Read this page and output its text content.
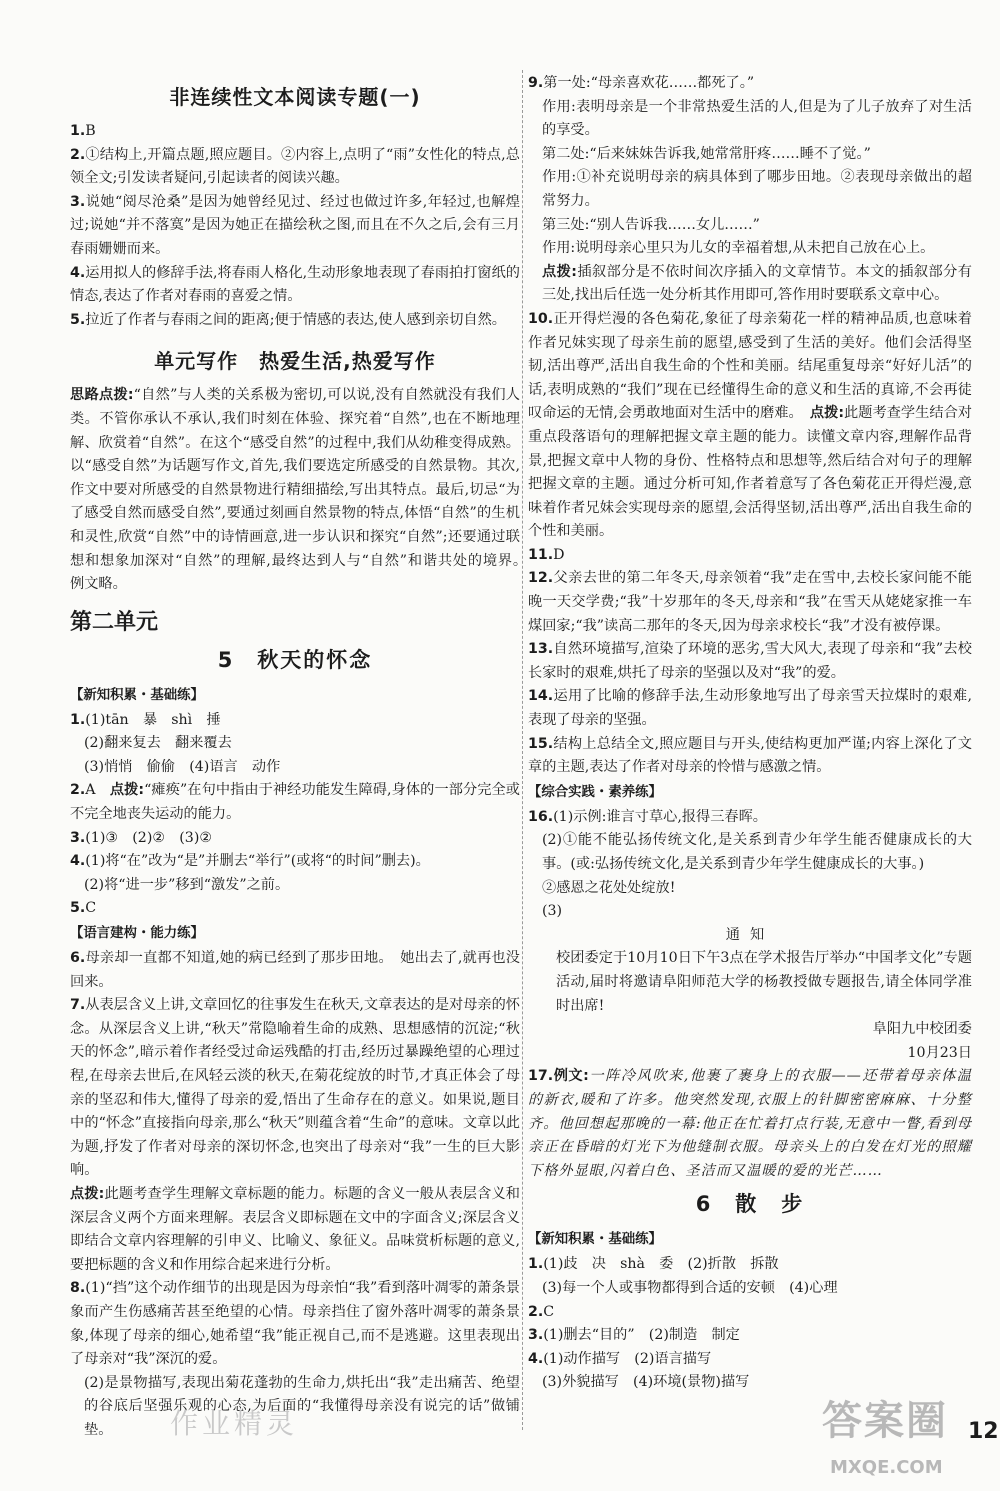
非连续性文本阅读专题(一)

1.B

2.①结构上,开篇点题,照应题目。②内容上,点明了“雨”女性化的特点,总领全文;引发读者疑问,引起读者的阅读兴趣。

3.说她“阅尽沧桑”是因为她曾经见过、经过也做过许多,年轻过,也解煌过;说她“并不落寞”是因为她正在描绘秋之图,而且在不久之后,会有三月春雨姗姗而来。

4.运用拟人的修辞手法,将春雨人格化,生动形象地表现了春雨拍打窗纸的情态,表达了作者对春雨的喜爱之情。

5.拉近了作者与春雨之间的距离;便于情感的表达,使人感到亲切自然。

单元写作　热爱生活,热爱写作

思路点拨:“自然”与人类的关系极为密切,可以说,没有自然就没有我们人类。不管你承认不承认,我们时刻在体验、探究着“自然”,也在不断地理解、欣赏着“自然”。在这个“感受自然”的过程中,我们从幼稚变得成熟。以“感受自然”为话题写作文,首先,我们要选定所感受的自然景物。其次,作文中要对所感受的自然景物进行精细描绘,写出其特点。最后,切忌“为了感受自然而感受自然”,要通过刻画自然景物的特点,体悟“自然”的生机和灵性,欣赏“自然”中的诗情画意,进一步认识和探究“自然”;还要通过联想和想象加深对“自然”的理解,最终达到人与“自然”和谐共处的境界。　例文略。

第二单元
5　秋天的怀念
【新知积累・基础练】

1.(1)tān　暴　shì　捶

(2)翻来复去　翻来覆去

(3)悄悄　偷偷　(4)语言　动作

2.A　 点拨:“瘫痪”在句中指由于神经功能发生障碍,身体的一部分完全或不完全地丧失运动的能力。

3.(1)③　(2)②　(3)②

4.(1)将“在”改为“是”并删去“举行”(或将“的时间”删去)。

(2)将“进一步”移到“激发”之前。

5.C

【语言建构・能力练】

6.母亲却一直都不知道,她的病已经到了那步田地。　她出去了,就再也没回来。

7.从表层含义上讲,文章回忆的往事发生在秋天,文章表达的是对母亲的怀念。从深层含义上讲,“秋天”常隐喻着生命的成熟、思想感情的沉淀;“秋天的怀念”,暗示着作者经受过命运残酷的打击,经历过暴躁绝望的心理过程,在母亲去世后,在风轻云淡的秋天,在菊花绽放的时节,才真正体会了母亲的坚忍和伟大,懂得了母亲的爱,悟出了生命存在的意义。如果说,题目中的“怀念”直接指向母亲,那么“秋天”则蕴含着“生命”的意味。文章以此为题,抒发了作者对母亲的深切怀念,也突出了母亲对“我”一生的巨大影响。

点拨:此题考查学生理解文章标题的能力。标题的含义一般从表层含义和深层含义两个方面来理解。表层含义即标题在文中的字面含义;深层含义即结合文章内容理解的引申义、比喻义、象征义。品味赏析标题的意义,要把标题的含义和作用综合起来进行分析。

8.(1)“挡”这个动作细节的出现是因为母亲怕“我”看到落叶凋零的萧条景象而产生伤感痛苦甚至绝望的心情。母亲挡住了窗外落叶凋零的萧条景象,体现了母亲的细心,她希望“我”能正视自己,而不是逃避。这里表现出了母亲对“我”深沉的爱。

(2)是景物描写,表现出菊花蓬勃的生命力,烘托出“我”走出痛苦、绝望的谷底后坚强乐观的心态,为后面的“我懂得母亲没有说完的话”做铺垫。

9.第一处:“母亲喜欢花……都死了。”

作用:表明母亲是一个非常热爱生活的人,但是为了儿子放弃了对生活的享受。

第二处:“后来妹妹告诉我,她常常肝疼……睡不了觉。”

作用:①补充说明母亲的病具体到了哪步田地。②表现母亲做出的超常努力。

第三处:“别人告诉我……女儿……”

作用:说明母亲心里只为儿女的幸福着想,从未把自己放在心上。

点拨:插叙部分是不依时间次序插入的文章情节。本文的插叙部分有三处,找出后任选一处分析其作用即可,答作用时要联系文章中心。

10.正开得烂漫的各色菊花,象征了母亲菊花一样的精神品质,也意味着作者兄妹实现了母亲生前的愿望,感受到了生活的美好。他们会活得坚韧,活出尊严,活出自我生命的个性和美丽。结尾重复母亲“好好儿活”的话,表明成熟的“我们”现在已经懂得生命的意义和生活的真谛,不会再徒叹命运的无情,会勇敢地面对生活中的磨难。　 点拨:此题考查学生结合对重点段落语句的理解把握文章主题的能力。读懂文章内容,理解作品背景,把握文章中人物的身份、性格特点和思想等,然后结合对句子的理解把握文章的主题。通过分析可知,作者着意写了各色菊花正开得烂漫,意味着作者兄妹会实现母亲的愿望,会活得坚韧,活出尊严,活出自我生命的个性和美丽。

11.D

12.父亲去世的第二年冬天,母亲领着“我”走在雪中,去校长家问能不能晚一天交学费;“我”十岁那年的冬天,母亲和“我”在雪天从姥姥家推一车煤回家;“我”读高二那年的冬天,因为母亲求校长“我”才没有被停课。

13.自然环境描写,渲染了环境的恶劣,雪大风大,表现了母亲和“我”去校长家时的艰难,烘托了母亲的坚强以及对“我”的爱。

14.运用了比喻的修辞手法,生动形象地写出了母亲雪天拉煤时的艰难,表现了母亲的坚强。

15.结构上总结全文,照应题目与开头,使结构更加严谨;内容上深化了文章的主题,表达了作者对母亲的怜惜与感激之情。

【综合实践・素养练】

16.(1)示例:谁言寸草心,报得三春晖。

(2)①能不能弘扬传统文化,是关系到青少年学生能否健康成长的大事。(或:弘扬传统文化,是关系到青少年学生健康成长的大事。)

②感恩之花处处绽放!

(3)

通知

校团委定于10月10日下午3点在学术报告厅举办“中国孝文化”专题活动,届时将邀请阜阳师范大学的杨教授做专题报告,请全体同学准时出席!

阜阳九中校团委

10月23日

17.例文:一阵冷风吹来,他裹了裹身上的衣服——还带着母亲体温的新衣,暖和了许多。他突然发现,衣服上的针脚密密麻麻、十分整齐。他回想起那晚的一幕:他正在忙着打点行装,无意中一瞥,看到母亲正在昏暗的灯光下为他缝制衣服。母亲头上的白发在灯光的照耀下格外显眼,闪着白色、圣洁而又温暖的爱的光芒……

6　散　步
【新知积累・基础练】

1.(1)歧　决　shà　委　(2)折散　拆散

(3)每一个人或事物都得到合适的安顿　(4)心理

2.C

3.(1)删去“目的”　(2)制造　制定

4.(1)动作描写　(2)语言描写

(3)外貌描写　(4)环境(景物)描写

作业精灵	答案圈
MXQE.COM
12
